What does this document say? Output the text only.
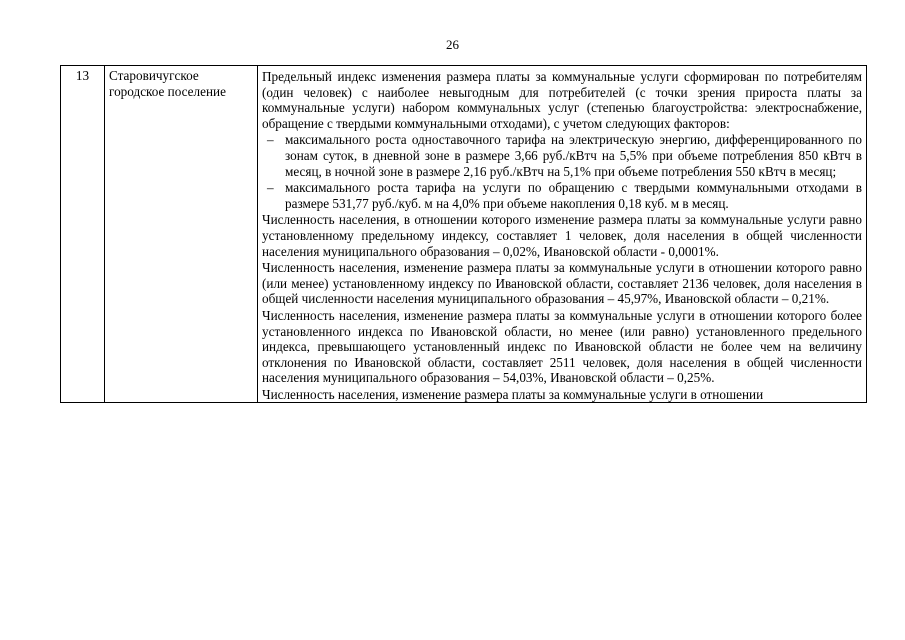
26
13	Старовичугское городское поселение	

Предельный индекс изменения размера платы за коммунальные услуги сформирован по потребителям (один человек) с наиболее невыгодным для потребителей (с точки зрения прироста платы за коммунальные услуги) набором коммунальных услуг (степенью благоустройства: электроснабжение, обращение с твердыми коммунальными отходами), с учетом следующих факторов:

– максимального роста одноставочного тарифа на электрическую энергию, дифференцированного по зонам суток, в дневной зоне в размере 3,66 руб./кВтч на 5,5% при объеме потребления 850 кВтч в месяц, в ночной зоне в размере 2,16 руб./кВтч на 5,1% при объеме потребления 550 кВтч в месяц;
– максимального роста тарифа на услуги по обращению с твердыми коммунальными отходами в размере 531,77 руб./куб. м на 4,0% при объеме накопления 0,18 куб. м в месяц.

Численность населения, в отношении которого изменение размера платы за коммунальные услуги равно установленному предельному индексу, составляет 1 человек, доля населения в общей численности населения муниципального образования – 0,02%, Ивановской области - 0,0001%.

Численность населения, изменение размера платы за коммунальные услуги в отношении которого равно (или менее) установленному индексу по Ивановской области, составляет 2136 человек, доля населения в общей численности населения муниципального образования – 45,97%, Ивановской области – 0,21%.

Численность населения, изменение размера платы за коммунальные услуги в отношении которого более установленного индекса по Ивановской области, но менее (или равно) установленного предельного индекса, превышающего установленный индекс по Ивановской области не более чем на величину отклонения по Ивановской области, составляет 2511 человек, доля населения в общей численности населения муниципального образования – 54,03%, Ивановской области – 0,25%.

Численность населения, изменение размера платы за коммунальные услуги в отношении
